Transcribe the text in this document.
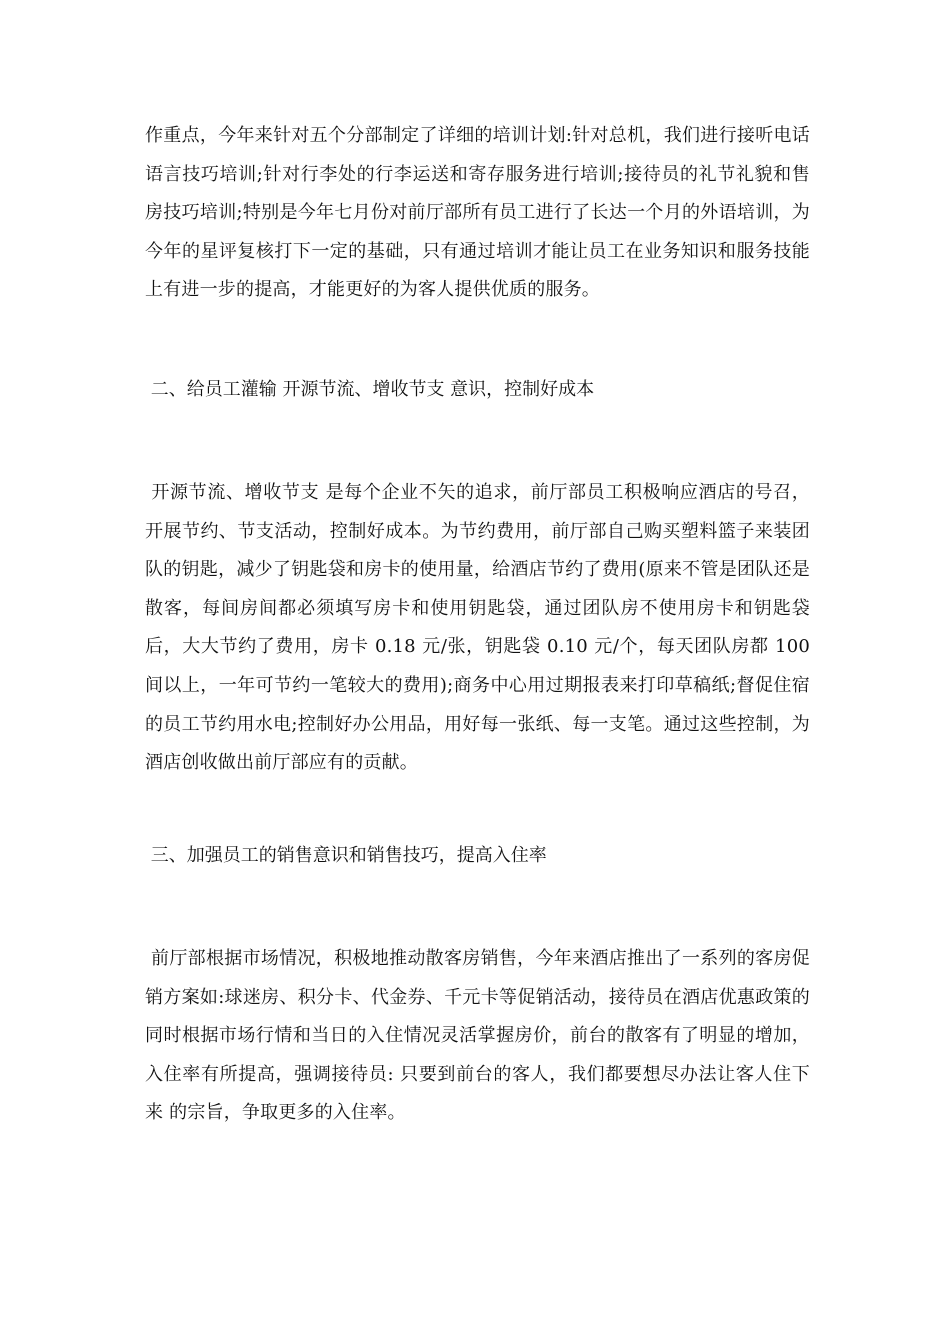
作重点，今年来针对五个分部制定了详细的培训计划:针对总机，我们进行接听电话语言技巧培训;针对行李处的行李运送和寄存服务进行培训;接待员的礼节礼貌和售房技巧培训;特别是今年七月份对前厅部所有员工进行了长达一个月的外语培训，为今年的星评复核打下一定的基础，只有通过培训才能让员工在业务知识和服务技能上有进一步的提高，才能更好的为客人提供优质的服务。

二、给员工灌输 开源节流、增收节支 意识，控制好成本

开源节流、增收节支 是每个企业不矢的追求，前厅部员工积极响应酒店的号召，开展节约、节支活动，控制好成本。为节约费用，前厅部自己购买塑料篮子来装团队的钥匙，减少了钥匙袋和房卡的使用量，给酒店节约了费用(原来不管是团队还是散客，每间房间都必须填写房卡和使用钥匙袋，通过团队房不使用房卡和钥匙袋后，大大节约了费用，房卡 0.18 元/张，钥匙袋 0.10 元/个，每天团队房都 100 间以上，一年可节约一笔较大的费用);商务中心用过期报表来打印草稿纸;督促住宿的员工节约用水电;控制好办公用品，用好每一张纸、每一支笔。通过这些控制，为酒店创收做出前厅部应有的贡献。

三、加强员工的销售意识和销售技巧，提高入住率

前厅部根据市场情况，积极地推动散客房销售，今年来酒店推出了一系列的客房促销方案如:球迷房、积分卡、代金券、千元卡等促销活动，接待员在酒店优惠政策的同时根据市场行情和当日的入住情况灵活掌握房价，前台的散客有了明显的增加，入住率有所提高，强调接待员: 只要到前台的客人，我们都要想尽办法让客人住下来 的宗旨，争取更多的入住率。
